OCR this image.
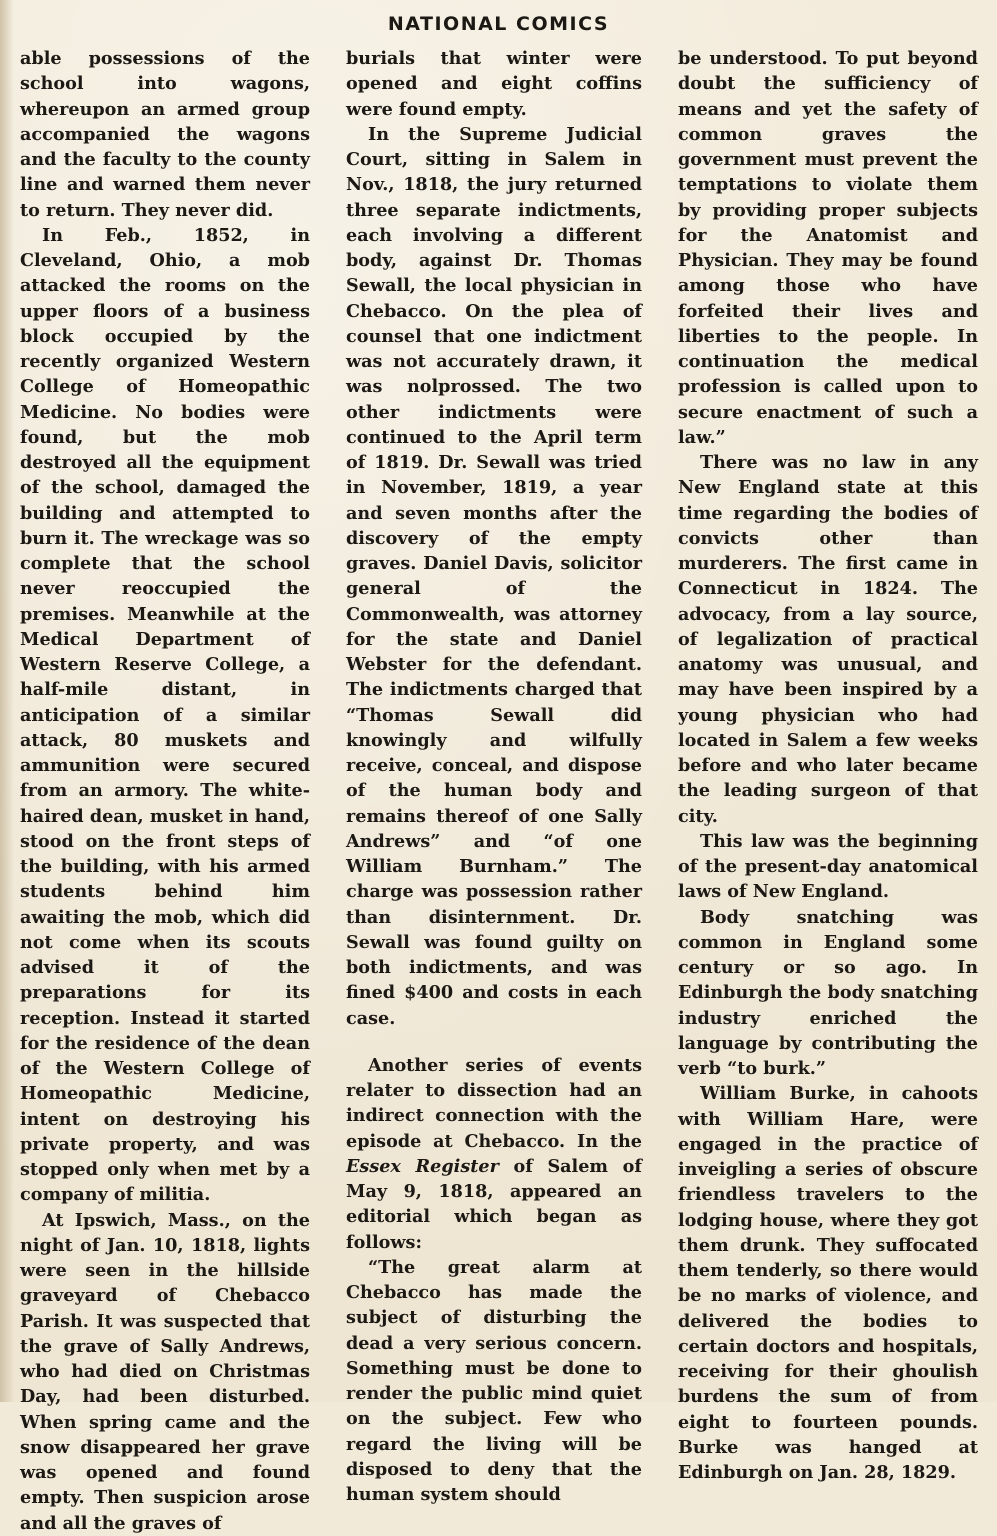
NATIONAL COMICS

able possessions of the school into wagons, whereupon an armed group accompanied the wagons and the faculty to the county line and warned them never to return. They never did.

In Feb., 1852, in Cleveland, Ohio, a mob attacked the rooms on the upper floors of a business block occupied by the recently organized Western College of Homeopathic Medicine. No bodies were found, but the mob destroyed all the equipment of the school, damaged the building and attempted to burn it. The wreckage was so complete that the school never reoccupied the premises. Meanwhile at the Medical Department of Western Reserve College, a half-mile distant, in anticipation of a similar attack, 80 muskets and ammunition were secured from an armory. The white-haired dean, musket in hand, stood on the front steps of the building, with his armed students behind him awaiting the mob, which did not come when its scouts advised it of the preparations for its reception. Instead it started for the residence of the dean of the Western College of Homeopathic Medicine, intent on destroying his private property, and was stopped only when met by a company of militia.

At Ipswich, Mass., on the night of Jan. 10, 1818, lights were seen in the hillside graveyard of Chebacco Parish. It was suspected that the grave of Sally Andrews, who had died on Christmas Day, had been disturbed. When spring came and the snow disappeared her grave was opened and found empty. Then suspicion arose and all the graves of

burials that winter were opened and eight coffins were found empty.

In the Supreme Judicial Court, sitting in Salem in Nov., 1818, the jury returned three separate indictments, each involving a different body, against Dr. Thomas Sewall, the local physician in Chebacco. On the plea of counsel that one indictment was not accurately drawn, it was nolprossed. The two other indictments were continued to the April term of 1819. Dr. Sewall was tried in November, 1819, a year and seven months after the discovery of the empty graves. Daniel Davis, solicitor general of the Commonwealth, was attorney for the state and Daniel Webster for the defendant. The indictments charged that “Thomas Sewall did knowingly and wilfully receive, conceal, and dispose of the human body and remains thereof of one Sally Andrews” and “of one William Burnham.” The charge was possession rather than disinternment. Dr. Sewall was found guilty on both indictments, and was fined $400 and costs in each case.

Another series of events relater to dissection had an indirect connection with the episode at Chebacco. In the Essex Register of Salem of May 9, 1818, appeared an editorial which began as follows:

“The great alarm at Chebacco has made the subject of disturbing the dead a very serious concern. Something must be done to render the public mind quiet on the subject. Few who regard the living will be disposed to deny that the human system should

be understood. To put beyond doubt the sufficiency of means and yet the safety of common graves the government must prevent the temptations to violate them by providing proper subjects for the Anatomist and Physician. They may be found among those who have forfeited their lives and liberties to the people. In continuation the medical profession is called upon to secure enactment of such a law.”

There was no law in any New England state at this time regarding the bodies of convicts other than murderers. The first came in Connecticut in 1824. The advocacy, from a lay source, of legalization of practical anatomy was unusual, and may have been inspired by a young physician who had located in Salem a few weeks before and who later became the leading surgeon of that city.

This law was the beginning of the present-day anatomical laws of New England.

Body snatching was common in England some century or so ago. In Edinburgh the body snatching industry enriched the language by contributing the verb “to burk.”

William Burke, in cahoots with William Hare, were engaged in the practice of inveigling a series of obscure friendless travelers to the lodging house, where they got them drunk. They suffocated them tenderly, so there would be no marks of violence, and delivered the bodies to certain doctors and hospitals, receiving for their ghoulish burdens the sum of from eight to fourteen pounds. Burke was hanged at Edinburgh on Jan. 28, 1829.
